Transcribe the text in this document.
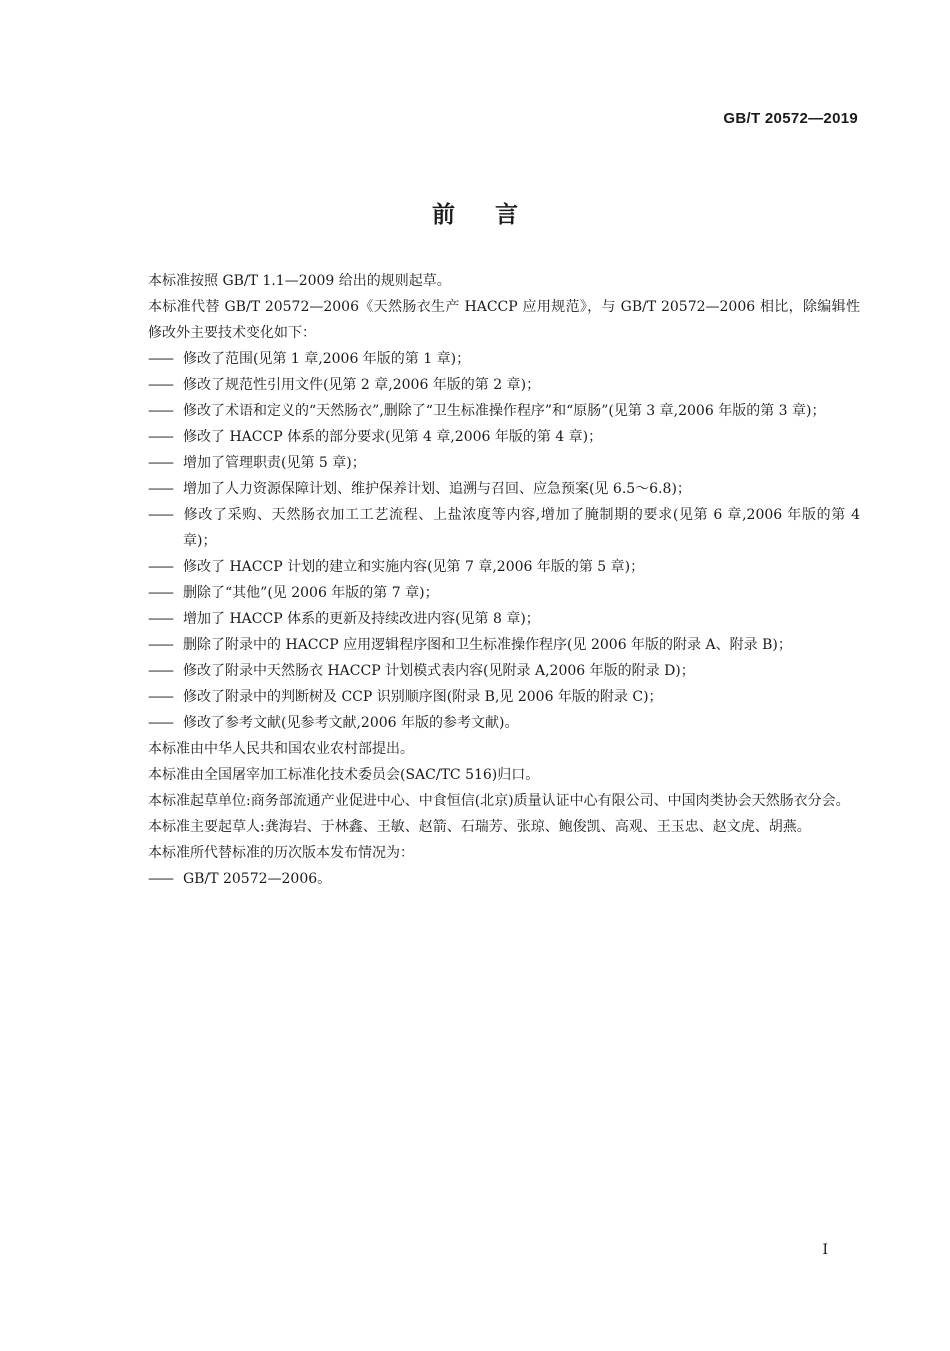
GB/T 20572—2019
前言

本标准按照 GB/T 1.1—2009 给出的规则起草。

本标准代替 GB/T 20572—2006《天然肠衣生产 HACCP 应用规范》，与 GB/T 20572—2006 相比，除编辑性修改外主要技术变化如下：

—— 修改了范围(见第 1 章,2006 年版的第 1 章)；

—— 修改了规范性引用文件(见第 2 章,2006 年版的第 2 章)；

—— 修改了术语和定义的“天然肠衣”,删除了“卫生标准操作程序”和“原肠”(见第 3 章,2006 年版的第 3 章)；

—— 修改了 HACCP 体系的部分要求(见第 4 章,2006 年版的第 4 章)；

—— 增加了管理职责(见第 5 章)；

—— 增加了人力资源保障计划、维护保养计划、追溯与召回、应急预案(见 6.5～6.8)；

—— 修改了采购、天然肠衣加工工艺流程、上盐浓度等内容,增加了腌制期的要求(见第 6 章,2006 年版的第 4 章)；

—— 修改了 HACCP 计划的建立和实施内容(见第 7 章,2006 年版的第 5 章)；

—— 删除了“其他”(见 2006 年版的第 7 章)；

—— 增加了 HACCP 体系的更新及持续改进内容(见第 8 章)；

—— 删除了附录中的 HACCP 应用逻辑程序图和卫生标准操作程序(见 2006 年版的附录 A、附录 B)；

—— 修改了附录中天然肠衣 HACCP 计划模式表内容(见附录 A,2006 年版的附录 D)；

—— 修改了附录中的判断树及 CCP 识别顺序图(附录 B,见 2006 年版的附录 C)；

—— 修改了参考文献(见参考文献,2006 年版的参考文献)。

本标准由中华人民共和国农业农村部提出。

本标准由全国屠宰加工标准化技术委员会(SAC/TC 516)归口。

本标准起草单位:商务部流通产业促进中心、中食恒信(北京)质量认证中心有限公司、中国肉类协会天然肠衣分会。

本标准主要起草人:龚海岩、于林鑫、王敏、赵箭、石瑞芳、张琼、鲍俊凯、高观、王玉忠、赵文虎、胡燕。

本标准所代替标准的历次版本发布情况为：

—— GB/T 20572—2006。

I
